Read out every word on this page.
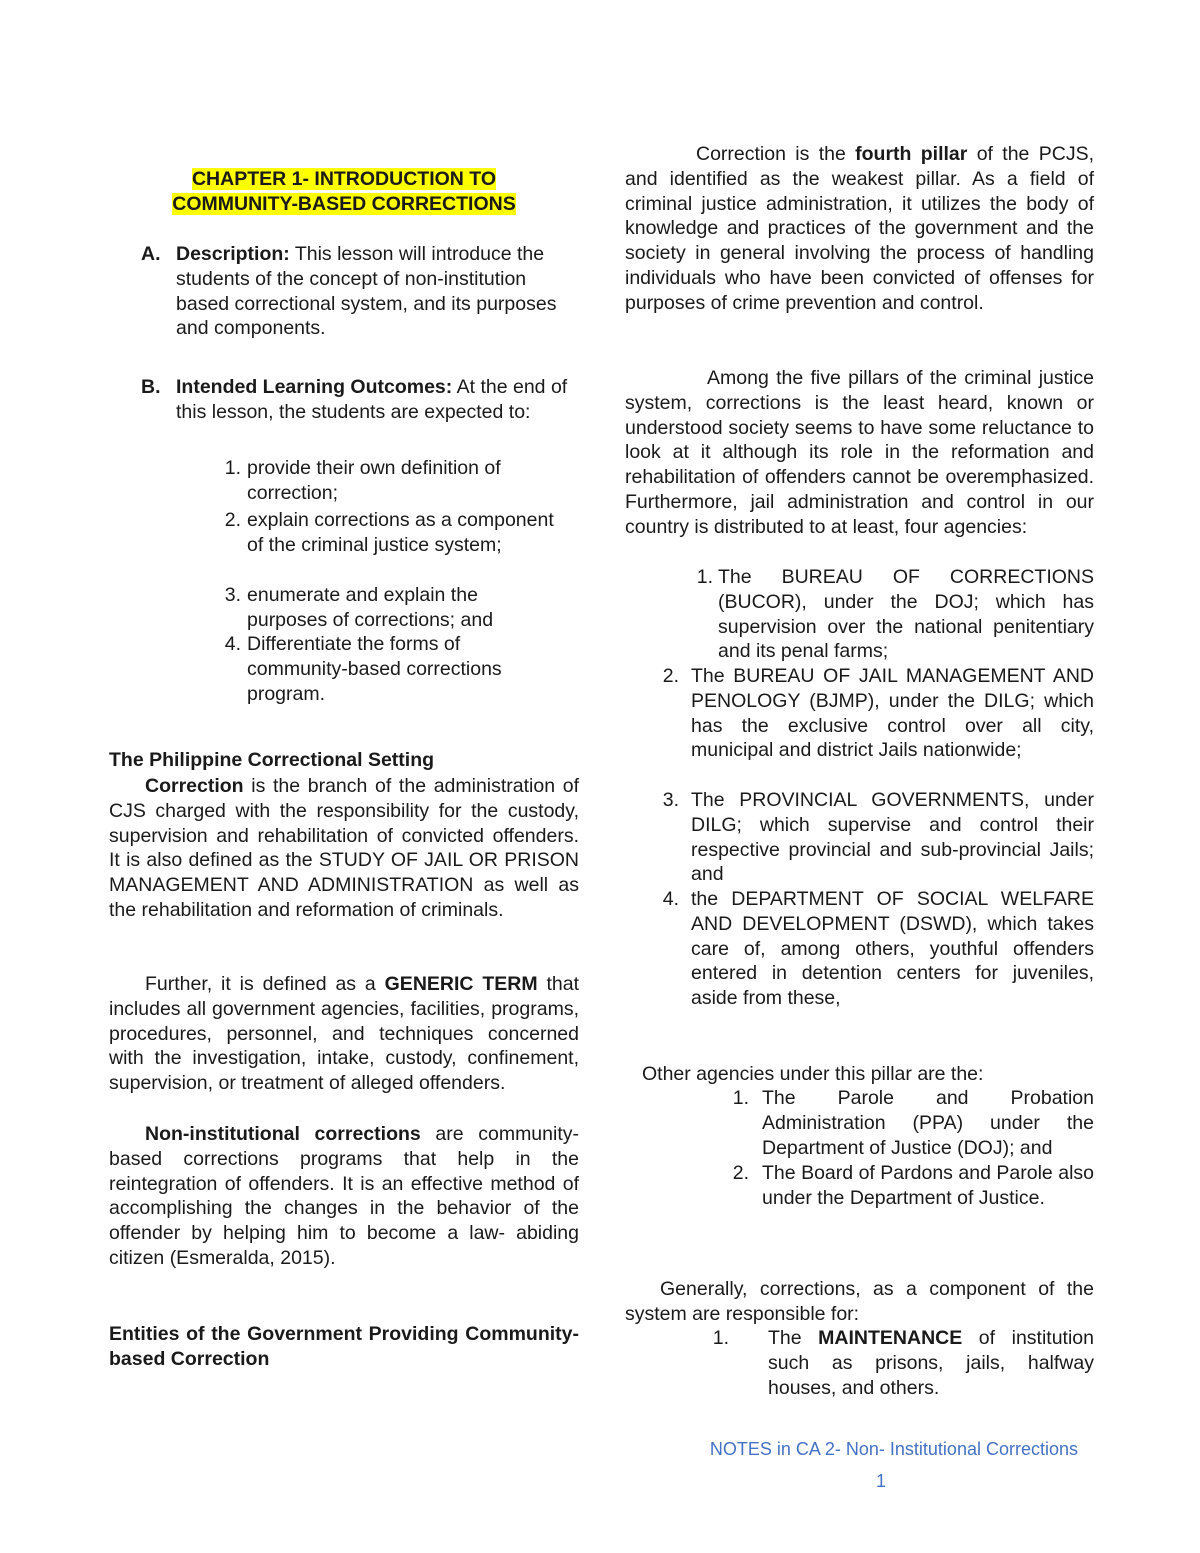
CHAPTER 1- INTRODUCTION TO
COMMUNITY-BASED CORRECTIONS
A. Description: This lesson will introduce the students of the concept of non-institution based correctional system, and its purposes and components.

B. Intended Learning Outcomes: At the end of this lesson, the students are expected to:

1. provide their own definition of correction;

2. explain corrections as a component of the criminal justice system;

3. enumerate and explain the purposes of corrections; and

4. Differentiate the forms of community-based corrections program.

The Philippine Correctional Setting

Correction is the branch of the administration of CJS charged with the responsibility for the custody, supervision and rehabilitation of convicted offenders. It is also defined as the STUDY OF JAIL OR PRISON MANAGEMENT AND ADMINISTRATION as well as the rehabilitation and reformation of criminals.

Further, it is defined as a GENERIC TERM that includes all government agencies, facilities, programs, procedures, personnel, and techniques concerned with the investigation, intake, custody, confinement, supervision, or treatment of alleged offenders.

Non-institutional corrections are community-based corrections programs that help in the reintegration of offenders. It is an effective method of accomplishing the changes in the behavior of the offender by helping him to become a law- abiding citizen (Esmeralda, 2015).

Entities of the Government Providing Community-based Correction

Correction is the fourth pillar of the PCJS, and identified as the weakest pillar. As a field of criminal justice administration, it utilizes the body of knowledge and practices of the government and the society in general involving the process of handling individuals who have been convicted of offenses for purposes of crime prevention and control.

Among the five pillars of the criminal justice system, corrections is the least heard, known or understood society seems to have some reluctance to look at it although its role in the reformation and rehabilitation of offenders cannot be overemphasized. Furthermore, jail administration and control in our country is distributed to at least, four agencies:

1. The BUREAU OF CORRECTIONS (BUCOR), under the DOJ; which has supervision over the national penitentiary and its penal farms;

2. The BUREAU OF JAIL MANAGEMENT AND PENOLOGY (BJMP), under the DILG; which has the exclusive control over all city, municipal and district Jails nationwide;

3. The PROVINCIAL GOVERNMENTS, under DILG; which supervise and control their respective provincial and sub-provincial Jails; and

4. the DEPARTMENT OF SOCIAL WELFARE AND DEVELOPMENT (DSWD), which takes care of, among others, youthful offenders entered in detention centers for juveniles, aside from these,

Other agencies under this pillar are the:

1. The Parole and Probation Administration (PPA) under the Department of Justice (DOJ); and

2. The Board of Pardons and Parole also under the Department of Justice.

Generally, corrections, as a component of the system are responsible for:

1. The MAINTENANCE of institution such as prisons, jails, halfway houses, and others.

NOTES in CA 2- Non- Institutional Corrections
1
